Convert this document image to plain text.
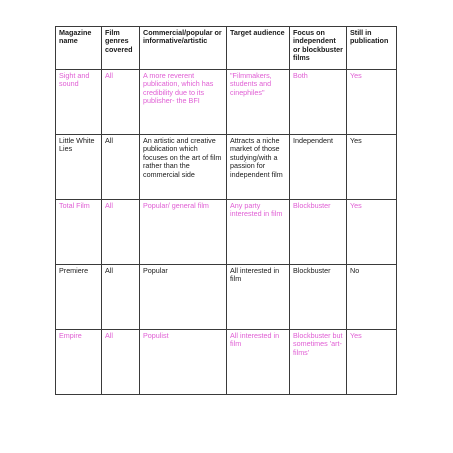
Magazine name	Film genres covered	Commercial/popular or informative/artistic	Target audience	Focus on independent or blockbuster films	Still in publication
Sight and sound	All	A more reverent publication, which has credibility due to its publisher- the BFI	"Filmmakers, students and cinephiles"	Both	Yes
Little White Lies	All	An artistic and creative publication which focuses on the art of film rather than the commercial side	Attracts a niche market of those studying/with a passion for independent film	Independent	Yes
Total Film	All	Popular/ general film	Any party interested in film	Blockbuster	Yes
Premiere	All	Popular	All interested in film	Blockbuster	No
Empire	All	Populist	All interested in film	Blockbuster but sometimes 'art-films'	Yes
